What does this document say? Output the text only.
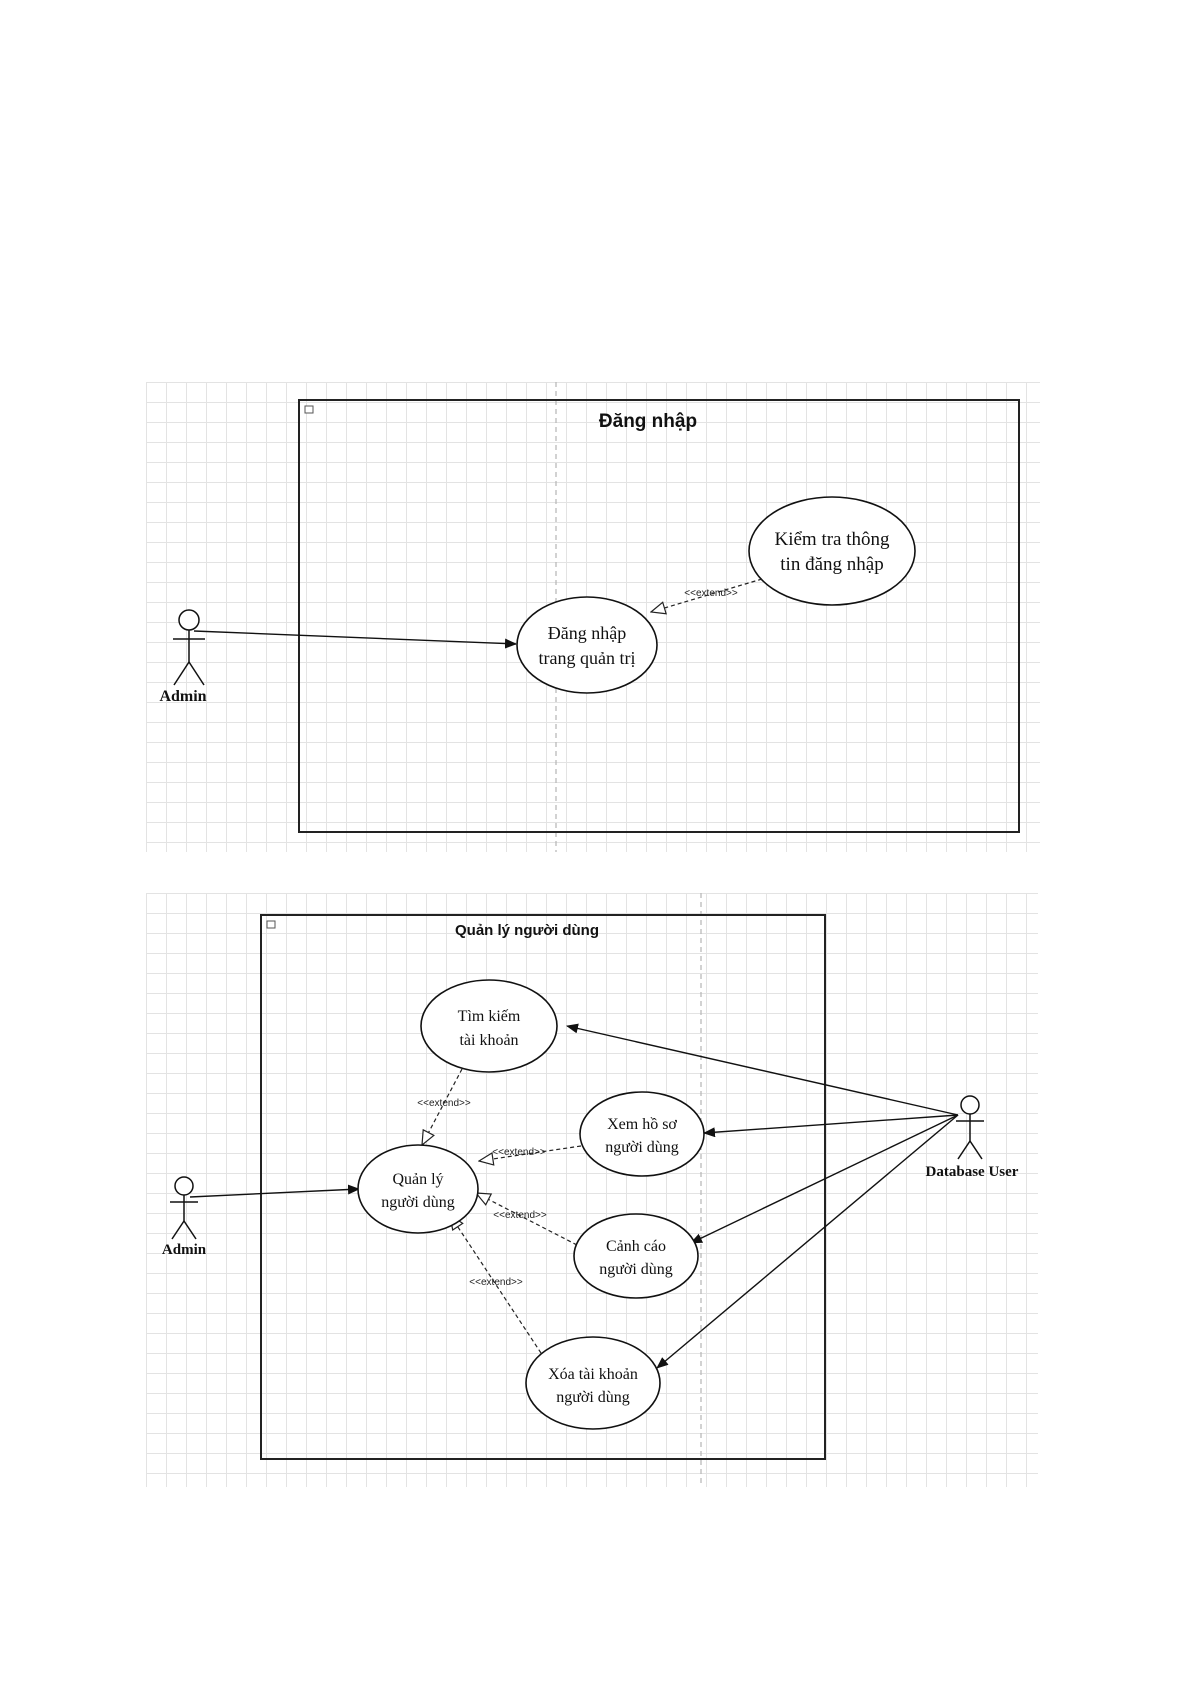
Đăng nhập
Admin
Đăng nhập
trang quản trị
Kiểm tra thông
tin đăng nhập
<<extend>>
Quản lý người dùng
Admin
Database User
<<extend>>
<<extend>>
<<extend>>
<<extend>>
Quản lý
người dùng
Tìm kiếm
tài khoản
Xem hồ sơ
người dùng
Cảnh cáo
người dùng
Xóa tài khoản
người dùng
